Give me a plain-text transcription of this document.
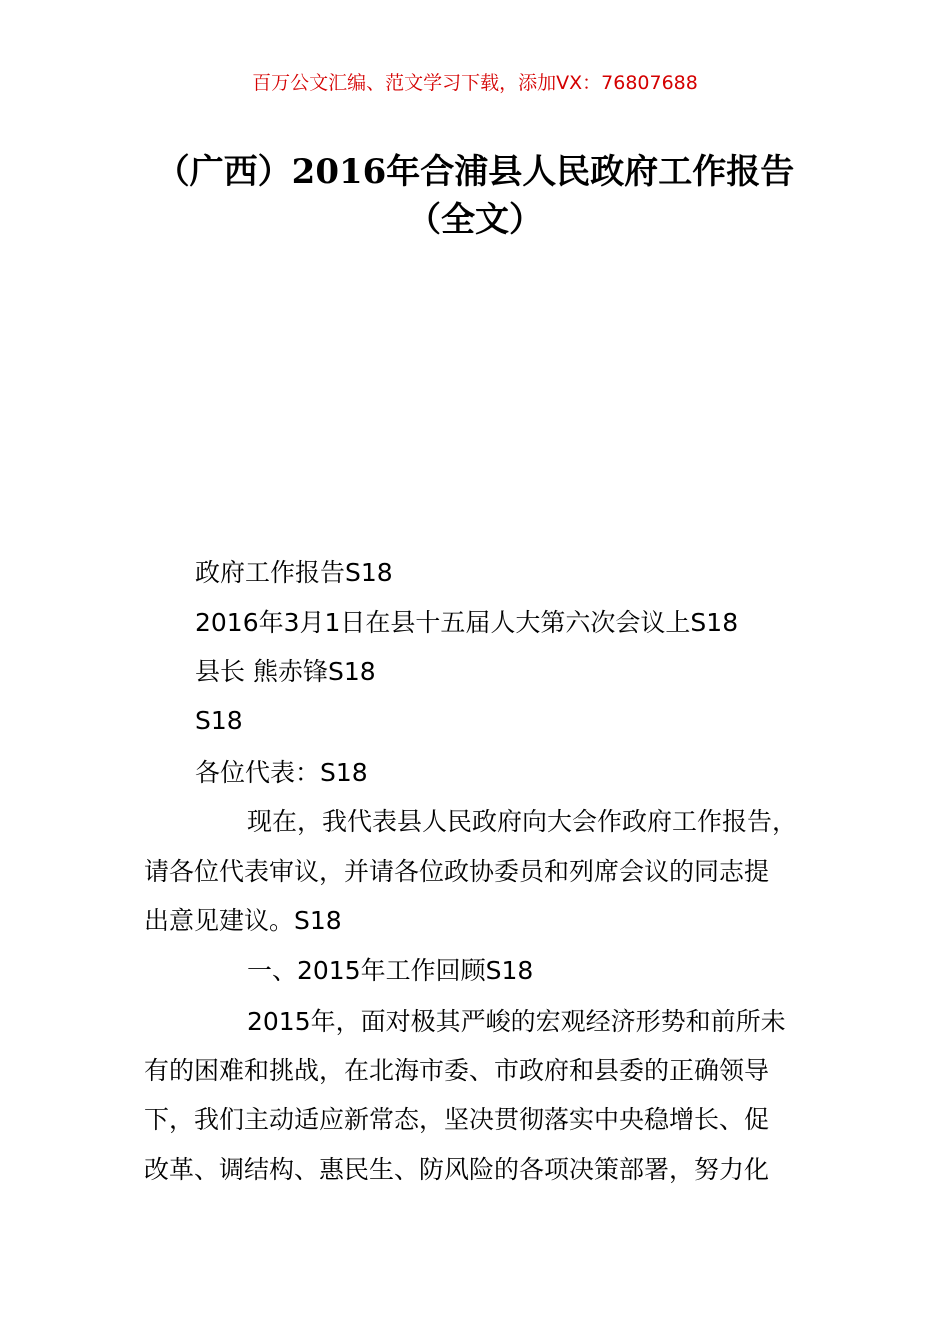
百万公文汇编、范文学习下载，添加VX：76807688
（广西）2016年合浦县人民政府工作报告
（全文）
政府工作报告S18
2016年3月1日在县十五届人大第六次会议上S18
县长 熊赤锋S18
S18
各位代表：S18
现在，我代表县人民政府向大会作政府工作报告，
请各位代表审议，并请各位政协委员和列席会议的同志提
出意见建议。S18
一、2015年工作回顾S18
2015年，面对极其严峻的宏观经济形势和前所未
有的困难和挑战，在北海市委、市政府和县委的正确领导
下，我们主动适应新常态，坚决贯彻落实中央稳增长、促
改革、调结构、惠民生、防风险的各项决策部署，努力化
